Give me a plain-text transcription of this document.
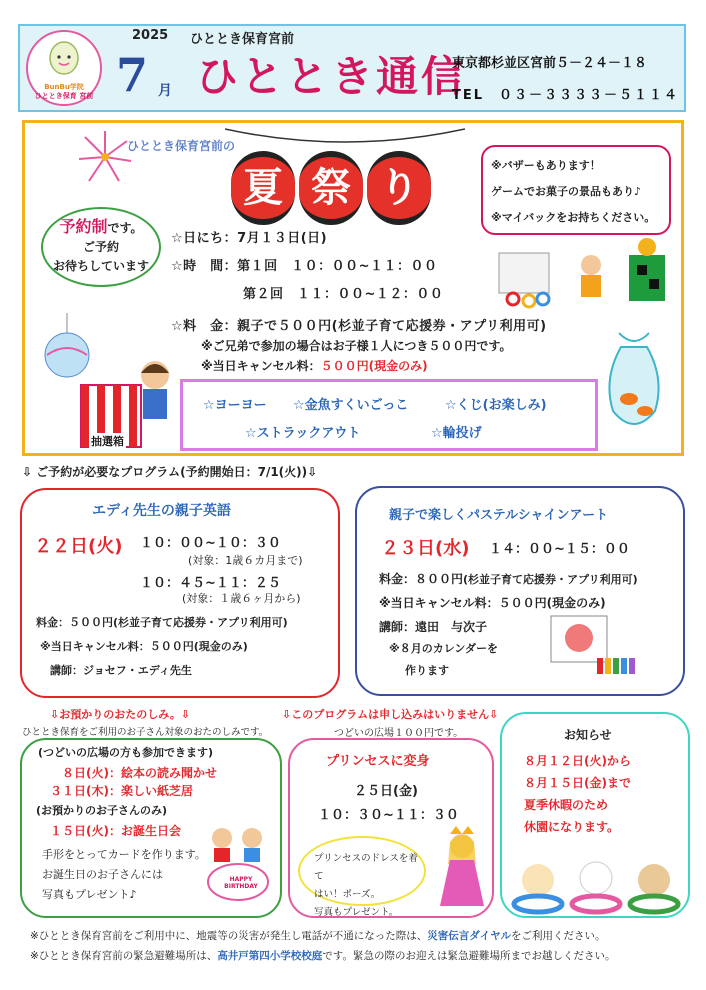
BunBu学院
ひととき保育 宮前
2025 ひととき保育宮前
7 月 ひととき通信
東京都杉並区宮前５－２４－１８
TEL　０３－３３３３－５１１４
ひととき保育宮前の
夏 祭 り	※バザーもあります！
ゲームでお菓子の景品もあり♪
※マイバックをお持ちください。
予約制です。
ご予約
お待ちしています
☆日にち：7月１３日(日)
☆時　間：第１回　１０：００~１１：００
第２回　１１：００~１２：００
☆料　金：親子で５００円(杉並子育て応援券・アプリ利用可)
※ご兄弟で参加の場合はお子様１人につき５００円です。
※当日キャンセル料：５００円(現金のみ)
抽選箱
☆ヨーヨー ☆金魚すくいごっこ	☆くじ(お楽しみ)
☆ストラックアウト	☆輪投げ
⇩ ご予約が必要なプログラム(予約開始日：7/1(火))⇩
エディ先生の親子英語
２２日(火) １０：００~１０：３０
(対象：1歳６カ月まで)
１０：４５~１１：２５
(対象：１歳６ヶ月から)
料金：５００円(杉並子育て応援券・アプリ利用可)
※当日キャンセル料：５００円(現金のみ)
講師：ジョセフ・エディ先生
親子で楽しくパステルシャインアート
２３日(水) １４：００~１５：００
料金：８００円(杉並子育て応援券・アプリ利用可)
※当日キャンセル料：５００円(現金のみ)
講師：遠田　与次子
※８月のカレンダーを
作ります
⇩お預かりのおたのしみ。⇩
ひととき保育をご利用のお子さん対象のおたのしみです。
⇩このプログラムは申し込みはいりません⇩
つどいの広場１００円です。
(つどいの広場の方も参加できます)
８日(火)：絵本の読み聞かせ
３１日(木)：楽しい紙芝居
(お預かりのお子さんのみ)
１５日(火)：お誕生日会
手形をとってカードを作ります。
お誕生日のお子さんには
写真もプレゼント♪
HAPPY BIRTHDAY
プリンセスに変身
２５日(金)
１０：３０~１１：３０
プリンセスのドレスを着て
はい！ポーズ。
写真もプレゼント。
お知らせ
８月１２日(火)から
８月１５日(金)まで
夏季休暇のため
休園になります。
※ひととき保育宮前をご利用中に、地震等の災害が発生し電話が不通になった際は、災害伝言ダイヤルをご利用ください。
※ひととき保育宮前の緊急避難場所は、高井戸第四小学校校庭です。緊急の際のお迎えは緊急避難場所までお越しください。
